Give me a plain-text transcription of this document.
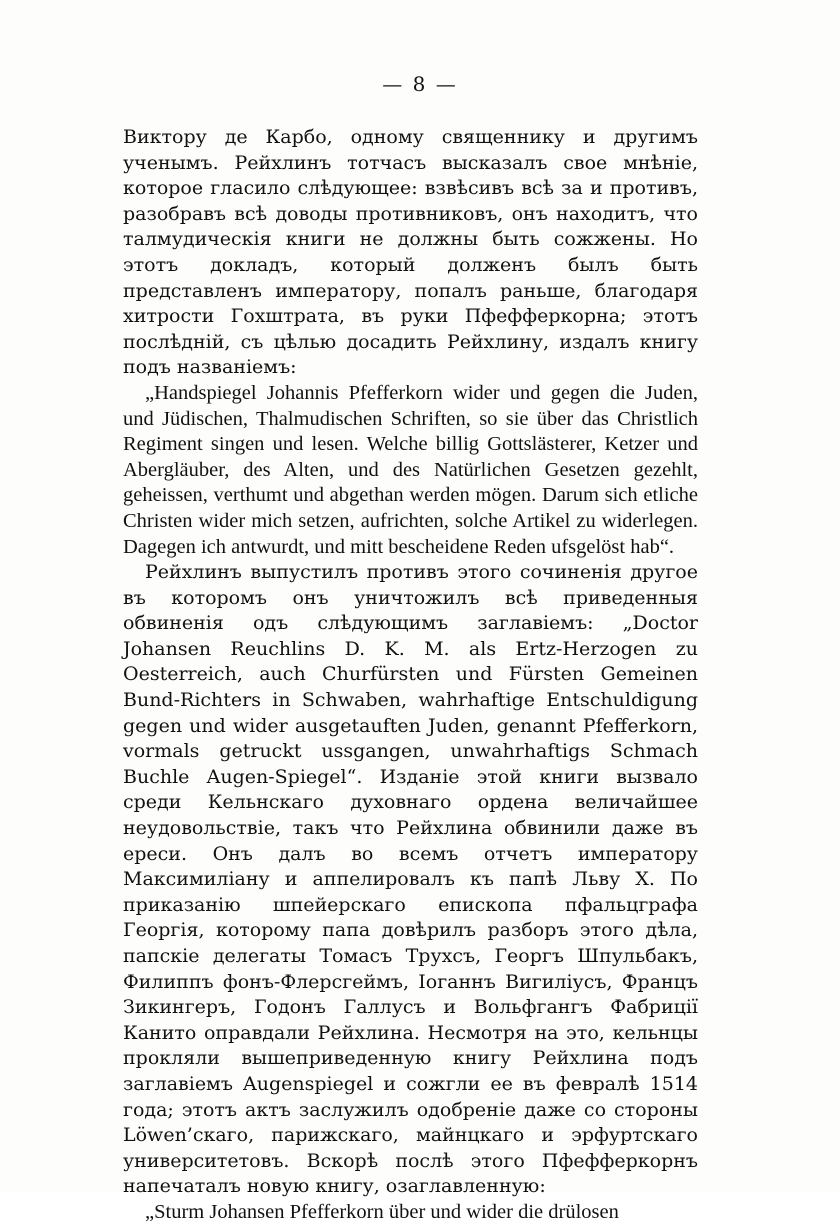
— 8 —

Виктору де Карбо, одному священнику и другимъ ученымъ. Рейхлинъ тотчасъ высказалъ свое мнѣніе, которое гласило слѣдующее: взвѣсивъ всѣ за и противъ, разобравъ всѣ доводы противниковъ, онъ находитъ, что талмудическія книги не должны быть сожжены. Но этотъ докладъ, который долженъ былъ быть представленъ императору, попалъ раньше, благодаря хитрости Гохштрата, въ руки Пфефферкорна; этотъ послѣдній, съ цѣлью досадить Рейхлину, издалъ книгу подъ названіемъ:

„Handspiegel Johannis Pfefferkorn wider und gegen die Juden, und Jüdischen, Thalmudischen Schriften, so sie über das Christlich Regiment singen und lesen. Welche billig Gottslästerer, Ketzer und Abergläuber, des Alten, und des Natürlichen Gesetzen gezehlt, geheissen, verthumt und abgethan werden mögen. Darum sich etliche Christen wider mich setzen, aufrichten, solche Artikel zu widerlegen. Dagegen ich antwurdt, und mitt bescheidene Reden ufsgelöst hab“.

Рейхлинъ выпустилъ противъ этого сочиненія другое въ которомъ онъ уничтожилъ всѣ приведенныя обвиненія одъ слѣдующимъ заглавіемъ: „Doctor Johansen Reuchlins D. K. M. als Ertz-Herzogen zu Oesterreich, auch Churfürsten und Fürsten Gemeinen Bund-Richters in Schwaben, wahrhaftige Entschuldigung gegen und wider ausgetauften Juden, genannt Pfefferkorn, vormals getruckt ussgangen, unwahrhaftigs Schmach Buchle Augen-Spiegel“. Изданіе этой книги вызвало среди Кельнскаго духовнаго ордена величайшее неудовольствіе, такъ что Рейхлина обвинили даже въ ереси. Онъ далъ во всемъ отчетъ императору Максимиліану и аппелировалъ къ папѣ Льву X. По приказанію шпейерскаго епископа пфальцграфа Георгія, которому папа довѣрилъ разборъ этого дѣла, папскіе делегаты Томасъ Трухсъ, Георгъ Шпульбакъ, Филиппъ фонъ-Флерсгеймъ, Іоганнъ Вигиліусъ, Францъ Зикингеръ, Годонъ Галлусъ и Вольфгангъ Фабриції Канито оправдали Рейхлина. Несмотря на это, кельнцы прокляли вышеприведенную книгу Рейхлина подъ заглавіемъ Augenspiegel и сожгли ее въ февралѣ 1514 года; этотъ актъ заслужилъ одобреніе даже со стороны Löwen’скаго, парижскаго, майнцкаго и эрфуртскаго университетовъ. Вскорѣ послѣ этого Пфефферкорнъ напечаталъ новую книгу, озаглавленную:

„Sturm Johansen Pfefferkorn über und wider die drülosen
